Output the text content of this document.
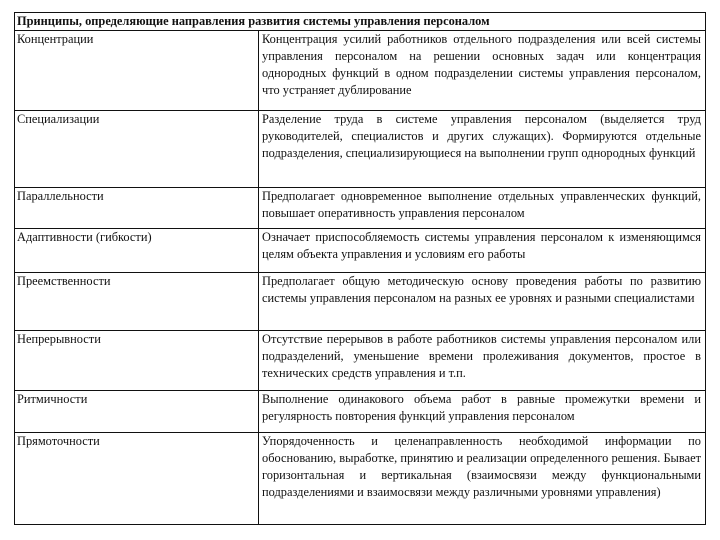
Принципы, определяющие направления развития системы управления персоналом	
Концентрации	Концентрация усилий работников отдельного подразделения или всей системы управления персоналом на решении основных задач или концентрация однородных функций в одном подразделении системы управления персоналом, что устраняет дублирование
Специализации	Разделение труда в системе управления персоналом (выделяется труд руководителей, специалистов и других служащих). Формируются отдельные подразделения, специализирующиеся на выполнении групп однородных функций
Параллельности	Предполагает одновременное выполнение отдельных управленческих функций, повышает оперативность управления персоналом
Адаптивности (гибкости)	Означает приспособляемость системы управления персоналом к изменяющимся целям объекта управления и условиям его работы
Преемственности	Предполагает общую методическую основу проведения работы по развитию системы управления персоналом на разных ее уровнях и разными специалистами
Непрерывности	Отсутствие перерывов в работе работников системы управления персоналом или подразделений, уменьшение времени пролеживания документов, простое в технических средств управления и т.п.
Ритмичности	Выполнение одинакового объема работ в равные промежутки времени и регулярность повторения функций управления персоналом
Прямоточности	Упорядоченность и целенаправленность необходимой информации по обоснованию, выработке, принятию и реализации определенного решения. Бывает горизонтальная и вертикальная (взаимосвязи между функциональными подразделениями и взаимосвязи между различными уровнями управления)
